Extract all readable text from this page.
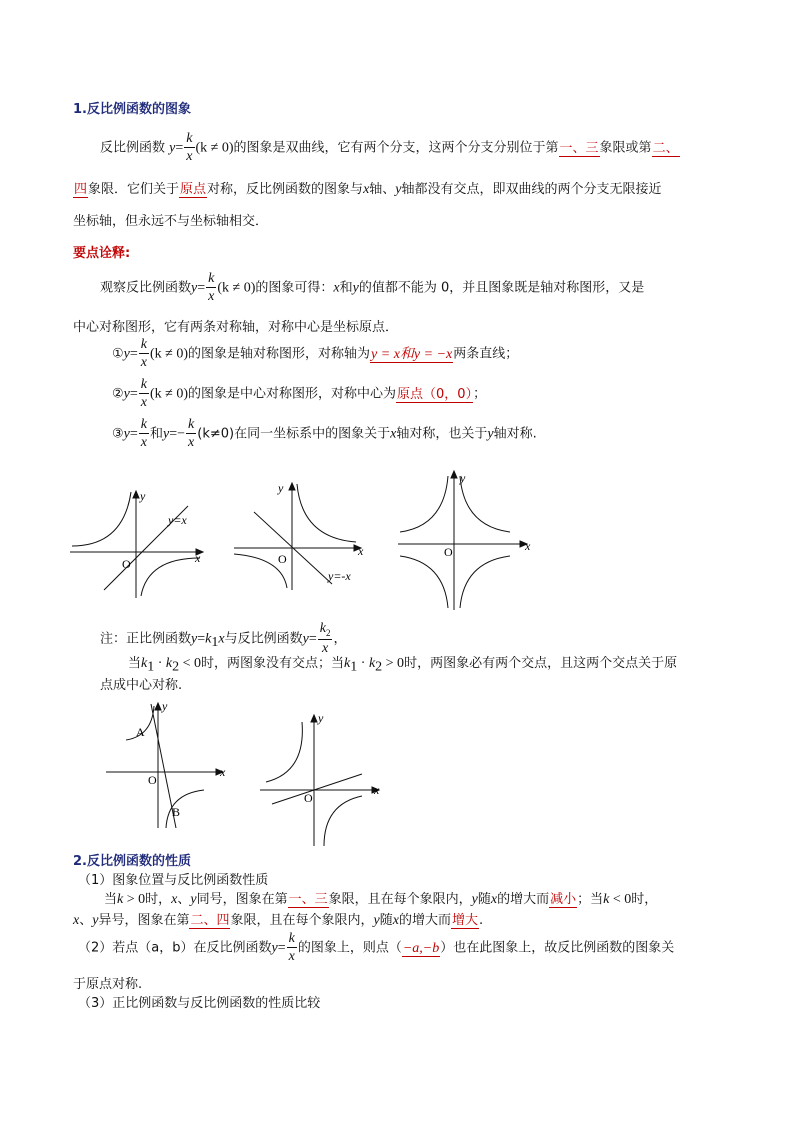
1.反比例函数的图象
反比例函数 $y= \frac{k}{x} (k \ne 0)$的图象是双曲线，它有两个分支，这两个分支分别位于第一、三象限或第二、
四象限．它们关于原点对称，反比例函数的图象与x轴、y轴都没有交点，即双曲线的两个分支无限接近
坐标轴，但永远不与坐标轴相交．
要点诠释:
观察反比例函数$y= \frac{k}{x} (k \ne 0)$的图象可得：x和y的值都不能为 0，并且图象既是轴对称图形，又是
中心对称图形，它有两条对称轴，对称中心是坐标原点．
①y= $\frac{k}{x} (k \ne 0)$的图象是轴对称图形，对称轴为y = x和y = −x两条直线；
②y= $\frac{k}{x} (k \ne 0)$的图象是中心对称图形，对称中心为原点（0，0）；
③y= $\frac{k}{x}$ 和$y=- \frac{k}{x} (k\ne 0)$在同一坐标系中的图象关于x轴对称，也关于y轴对称.
y
x
O
y=x
y
x
O
y=-x
y
x
O
注：正比例函数$y=k_1x$与反比例函数$y= \frac{k_2}{x}$ ，
当$k_1 \cdot k_2 < 0$时，两图象没有交点；当$k_1 \cdot k_2 > 0$时，两图象必有两个交点，且这两个交点关于原
点成中心对称.
y
x
O
A
B
y
x
O
2.反比例函数的性质
（1）图象位置与反比例函数性质
当k > 0时，x、y同号，图象在第一、三象限，且在每个象限内，y随x的增大而减小；当k < 0时，
x、y异号，图象在第二、四象限，且在每个象限内，y随x的增大而增大.
（2）若点（a，b）在反比例函数$y= \frac{k}{x}$ 的图象上，则点（−a,−b）也在此图象上，故反比例函数的图象关
于原点对称.
（3）正比例函数与反比例函数的性质比较
